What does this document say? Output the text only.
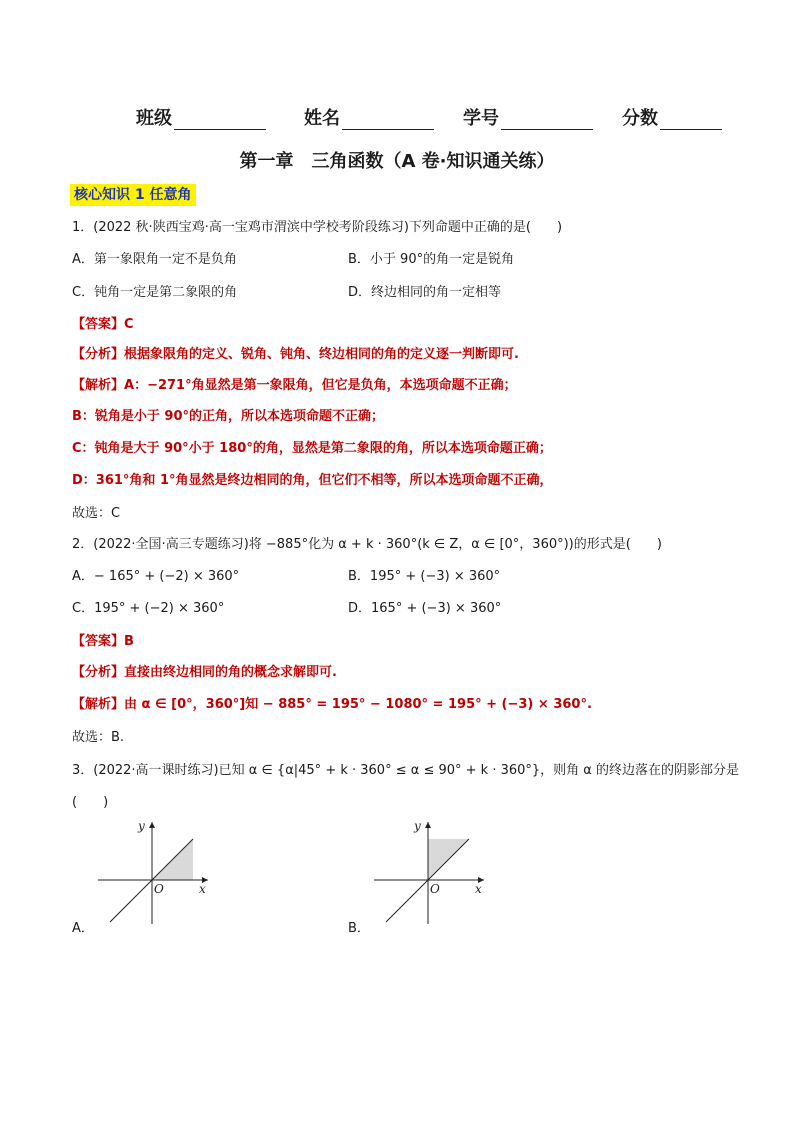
班级	姓名	学号	分数
第一章　三角函数（A 卷·知识通关练）
核心知识 1 任意角
1．(2022 秋·陕西宝鸡·高一宝鸡市渭滨中学校考阶段练习)下列命题中正确的是(　　)
A．第一象限角一定不是负角	B．小于 90°的角一定是锐角
C．钝角一定是第二象限的角	D．终边相同的角一定相等
【答案】C
【分析】根据象限角的定义、锐角、钝角、终边相同的角的定义逐一判断即可.
【解析】A：−271°角显然是第一象限角，但它是负角，本选项命题不正确；
B：锐角是小于 90°的正角，所以本选项命题不正确；
C：钝角是大于 90°小于 180°的角，显然是第二象限的角，所以本选项命题正确；
D：361°角和 1°角显然是终边相同的角，但它们不相等，所以本选项命题不正确，
故选：C
2．(2022·全国·高三专题练习)将 −885°化为 α + k · 360°(k ∈ Z，α ∈ [0°，360°))的形式是(　　)
A．− 165° + (−2) × 360°	B．195° + (−3) × 360°
C．195° + (−2) × 360°	D．165° + (−3) × 360°
【答案】B
【分析】直接由终边相同的角的概念求解即可.
【解析】由 α ∈ [0°，360°]知 − 885° = 195° − 1080° = 195° + (−3) × 360°.
故选：B.
3．(2022·高一课时练习)已知 α ∈ {α|45° + k · 360° ≤ α ≤ 90° + k · 360°}，则角 α 的终边落在的阴影部分是
(　　)
x
y
O
A．
x
y
O
B．
